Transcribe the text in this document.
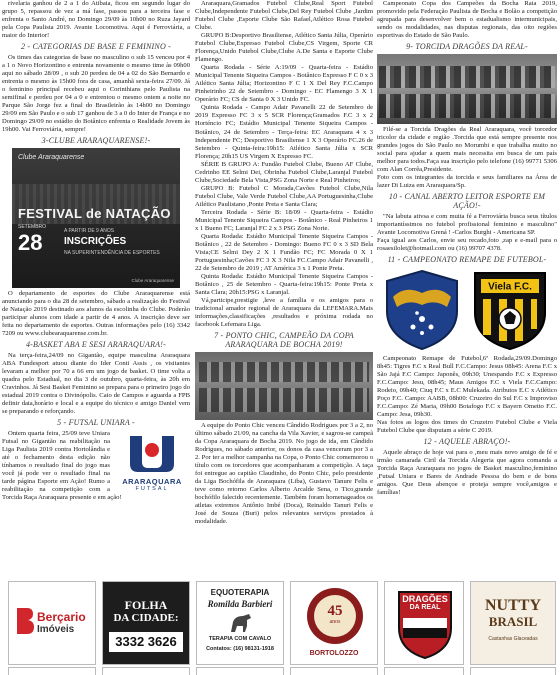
rivelaria ganhou de 2 a 1 do Atibaia, ficou em segundo lugar do grupo 5, repassou de vez a má fase, passou para a terceira fase e enfrenta o Santo André, no Domingo 29/09 às 10h00 no Ruza Jayard pela Copa Paulista 2019. Avante Locomotiva. Aqui é Ferroviária, a maior do Interior!

2 - CATEGORIAS DE BASE E FEMININO -

Os times das categorias de base no masculino o sub 15 venceu por 4 a 1 o Novo Horizontino e entrenta novamente o mesmo time às 09h00 aqui no sábado 28/09 , o sub 20 perdeu de 04 a 02 do São Bernardo e entrenta o mesmo às 15h00 fora de casa, amanhã sexta-feira 27/09. Já o feminino principal recebeu aqui o Corinthians pelo Paulista na semifinal e perdeu por 04 a 0 e entrentou o mesmo ontem a noite no Parque São Jorge fez a final do Brasileirão às 14h00 no Domingo 29/09 em São Paulo e o sub 17 ganhou de 3 a 0 do Inter de França e no Domingo 29/09 no estádio do Botânico enfrenta o Realidade Jovem às 19h00. Vai Ferroviária, sempre!

3-CLUBE ARARAQUARENSE!-
Clube Araraquarense
FESTIVAL de NATAÇÃO
SETEMBRO
28	A PARTIR DE 9 ANOS
INSCRIÇÕES
NA SUPERINTENDÊNCIA DE ESPORTES
Clube Araraquarense

O departamento de esportes do Clube Araraquarense está anunciando para o dia 28 de setembro, sábado a realização do Festival de Natação 2019 destinado aos alunos da escolinha do Clube. Poderão participar alunos com idade a partir de 4 anos. A inscrição deve ser feita no departamento de esportes. Outras informações pelo (16) 3342 7209 ou www.clubearaquarense.com.br.

4-BASKET ABA E SESI ARARAQUARA!-

Na terça-feira,24/09 no Gigantão, equipe masculina Araraquara ABA Fundesport atuou diante do Ider Conti Assis , os visitantes levaram a melhor por 70 a 66 em um jogo de basket. O time volta a quadra pelo Estadual, no dia 3 de outubro, quarta-feira, às 20h em Cravinhos. Já Sesi Basket Feminino se prepara para o primeiro jogo do estadual 2019 contra o Divinópolis. Caio de Campos e aguarda a FPB definir data,horário e local e a equipe do técnico e amigo Daniel vem se preparando e reforçando.

5 - FUTSAL UNIARA -
ARARAQUARA
FUTSAL

Ontem quarta feira, 25/09 teve Uniara Futsal no Gigantão na reabilitação na Liga Paulista 2019 contra Hortolândia e até o fechamento desta edição não tínhamos o resultado final do jogo mas você já pode ver o resultado final na tarde página Esporte em Ação! Rumo a reabilitação na competição com a Torcida Raça Araraquara presente e em ação!

Araraquara,Gramados Futebol Clube,Real Sport Futebol Clube,Independente Futebol Clube,Del Rey Futebol Clube ,Jardim Futebol Clube ,Esporte Clube São Rafael,Atlético Rosa Futebol Clube.

GRUPO B:Desportivo Brasiliense, Atlético Santa Júlia, Operário Futebol Clube,Expresso Futebol Clube,CS Virgem, Sporte CR Florença,Unido Futebol Clube,Clube A.De Santa e Esporte Clube Flamengo.

Quarta Rodada - Série A:19/09 - Quarta-feira - Estádio Municipal Tenente Siqueira Campos - Botânico Expresso F C 0 x 3 Atlético Santa Júlia; Horizontino F C 1 X Del Rey F.C.Campo Pinheirinho 22 de Setembro - Domingo - EC Flamengo 3 X 1 Operário FC; CS de Santa 0 X 3 Unido FC.

Quinta Rodada - Campo Adair Pavanelli 22 de Setembro de 2019 Expresso FC 3 x 5 SCR Florença;Gramados F.C 3 x 2 Horténcio FC; Estádio Municipal Tenente Siqueira Campos - Botânico, 24 de Setembro - Terça-feira: EC Araraquara 4 x 3 Independente FC; Desportivo Brasiliense 1 X 3 Operário FC.26 de Setembro - Quinta-feira:19h15: Atlético Santa Júlia x SCR Florença; 20h15 US Virgem X Expresso FC.

SÉRIE B GRUPO A: Fundão Futebol Clube, Bueno AF Clube, Cedrinho EE Selmi Dei, Obrinha Futebol Clube,Laranjal Futebol Clube,Sociedade Bela Vista,PSG Zona Norte e Real Pinheiros;

GRUPO B: Futebol C Morada,Cavões Futebol Clube,Nila Futebol Clube, Vale Verde Futebol Clube,AA Portuguesinha,Clube Atlético Paulistano ,Ponte Preta e Santa Clara;

Terceira Rodada - Série B: 18/09 - Quarta-feira - Estádio Municipal Tenente Siqueira Campos - Botânico - Real Pinheiros 1 x 1 Bueno FC; Laranjal FC 2 x 3 PSG Zona Norte.

Quarta Rodada: Estádio Municipal Tenente Siqueira Campos - Botânico , 22 de Setembro - Domingo: Bueno FC 0 x 3 SD Bela Vista;CE Selmi Dey 2 X 1 Fundão FC; FC Morada 0 X 1 Portuguesinha;Cavões FC 3 X 3 Nila FC.Campo Adair Pavanelli , 22 de Setembro de 2019 ; AT América 3 x 1 Ponte Preta.

Quinta Rodada: Estádio Municipal Tenente Siqueira Campos - Botânico , 25 de Setembro - Quarta-feira:19h15: Ponte Preta x Santa Clara; 20h15:PSG x Laranjal.

Vá,participe,prestigie ,leve a família e os amigos para o tradicional amador regional de Araraquara da LEFEMARA.Mais informações,classificações ,resultados e próxima rodada no facebook Lefemara Liga.

7 - PONTO CHIC, CAMPEÃO DA COPA ARARAQUARA DE BOCHA 2019!

A equipe do Ponto Chic venceu Cândido Rodrigues por 3 a 2, no último sábado 21/09, na cancha da Vila Xavier, e sagrou-se campeã da Copa Araraquara de Bocha 2019. No jogo de ida, em Cândido Rodrigues, no sábado anterior, os donos da casa venceram por 3 a 2. Por ter a melhor campanha na Copa, o Ponto Chic comemorou o título com os torcedores que acompanharam a competição. A taça foi entregue ao capitão Claudinho, do Ponto Chic, pelo presidente da Liga Bochófila de Araraquara (Liba), Gustavo Tanure Felis e teve como retorno Carlos Alberto Arcalde Sena, o Tico,grande bochófilo falecido recentemente. Também foram homenageados os atletas extremos Antônio Imbé (Doca), Reinaldo Tanuri Felis e José de Souza (Buri) pelos relevantes serviços prestados à modalidade.

Campeonato Copa dos Campeões da Bocha Raia 2019, promovido pela Federação Paulista de Bocha e Bolão a competição agrupada para desenvolver bem o estadualismo intermunicipais, sendo os modalidades, nas disputas regionais, das oito regiões esportivas do Estado de São Paulo.

9- TORCIDA DRAGÕES DA REAL-

Filé-se a Torcida Dragões da Real Araraquara, você torcedor tricolor da cidade e região .Torcida que está sempre presente nos grandes jogos do São Paulo no Morumbi e que trabalha muito no social para ajudar a quem mais necessita em busca de um país melhor para todos.Faça sua inscrição pelo telefone (16) 99771 5306 com Alan Corrêa,Presidente.
Foto com os integrantes da torcida e seus familiares na Área de lazer Di Luiza em Araraquara/Sp.

10 - CANAL ABERTO LEITOR ESPORTE EM AÇÃO!-

"Na labuta ativsa e com muita fé a Ferroviária busca seus títulos importantíssimos no futebol profissional feminino e masculino" Avante Locomotiva Grená ! -Carlos Burghi - Americana SP.
Faça igual aos Carlos, envie seu recado,foto ,zap e e-mail para o rosaesilolet@hotmail.com ou (16) 99707 4378.

11 - CAMPEONATO REMAPE DE FUTEBOL-
Viela F.C.

Campeonato Remape de Futebol,6ª Rodada,29/09.Domingo 8h45: Tigres F.C x Real Bull F.C.Campo: Jesus 08h45: Arena F.C x São Jajá F.C Campo: Japonês, 09h30; Unespando F.C x Expresso F.C.Campo: Jesu, 08h45; Maus Amigos F.C x Viela F.C.Campo: Rodeio, 09h40; Ciuq F.C x E.C Mulekada. Atributos E.C x Atlético Poço F.C. Campo: AABB, 08h00: Cruzeiro do Sul F.C x Improviso F.C.Campo: Zé Maria, 09h00 Botafogo F.C x Bayern Ometto F.C. Campo: Jesa, 09h30.
Nas fotos as logos dos times do Cruzeiro Futebol Clube e Viela Futebol Clube que disputam a série C 2019.

12 - AQUELE ABRAÇO!-

Aquele abraço de hoje vai para o ,meu mais novo amigo de fé e irmão camarada Ciril da Torcida Alegeria que agora comanda a Torcida Raça Araraquara no jogos de Basket masculino,feminino ,Futsal Uniara e Bares de Andrade Pessoa do bem e de bons amigos. Que Deus abençoe e proteja sempre você,amigos e famílias!

Berçario
Imóveis
FOLHA
DA CIDADE:
3332 3626
EQUOTERAPIA
Romilda Barbieri
TERAPIA COM CAVALO
Contatos: (16) 98131-1918
45
anos
BORTOLOZZO
DRAGÕES
DA REAL	NUTTY
BRASIL
Castanhas Glaceadas
